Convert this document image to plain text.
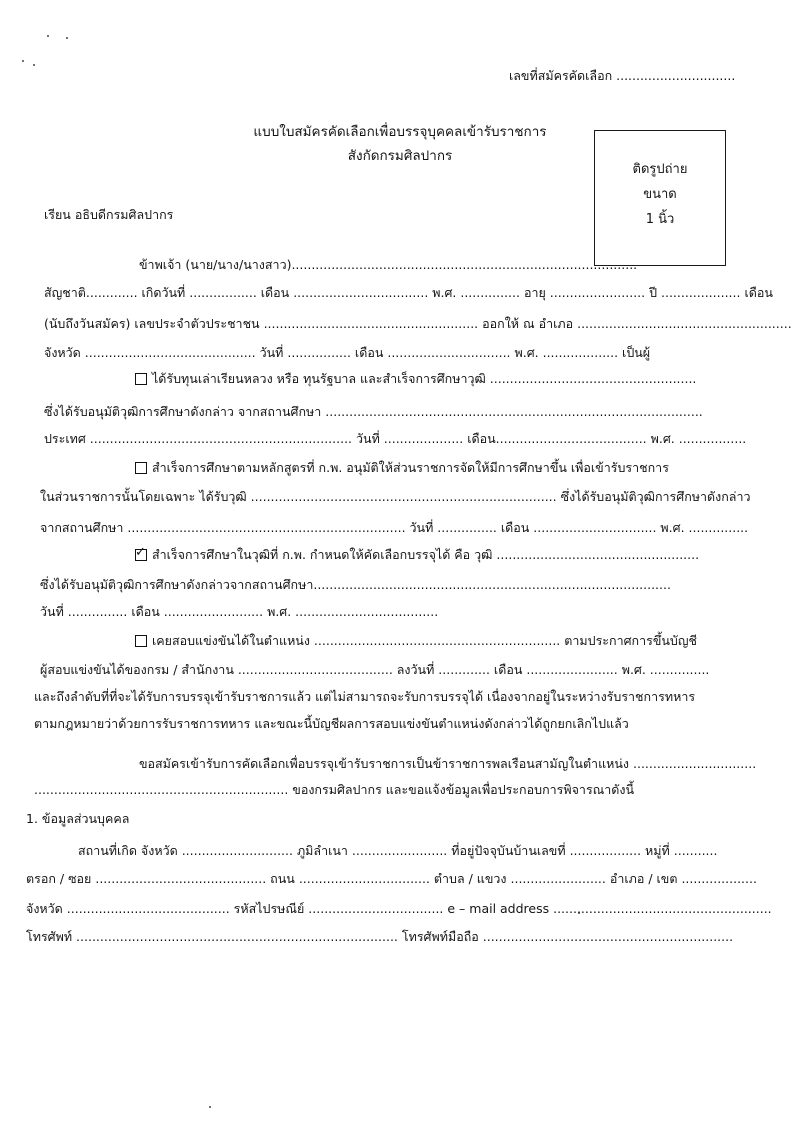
เลขที่สมัครคัดเลือก ..............................
แบบใบสมัครคัดเลือกเพื่อบรรจุบุคคลเข้ารับราชการ
สังกัดกรมศิลปากร
ติดรูปถ่าย
ขนาด
1 นิ้ว
เรียน อธิบดีกรมศิลปากร
ข้าพเจ้า (นาย/นาง/นางสาว).......................................................................................
สัญชาติ............. เกิดวันที่ ................. เดือน .................................. พ.ศ. ............... อายุ ........................ ปี .................... เดือน
(นับถึงวันสมัคร) เลขประจำตัวประชาชน ...................................................... ออกให้ ณ อำเภอ ......................................................
จังหวัด ........................................... วันที่ ................ เดือน ............................... พ.ศ. ................... เป็นผู้
ได้รับทุนเล่าเรียนหลวง หรือ ทุนรัฐบาล และสำเร็จการศึกษาวุฒิ ....................................................
ซึ่งได้รับอนุมัติวุฒิการศึกษาดังกล่าว จากสถานศึกษา ...............................................................................................
ประเทศ .................................................................. วันที่ .................... เดือน...................................... พ.ศ. .................
สำเร็จการศึกษาตามหลักสูตรที่ ก.พ. อนุมัติให้ส่วนราชการจัดให้มีการศึกษาขึ้น เพื่อเข้ารับราชการ
ในส่วนราชการนั้นโดยเฉพาะ ได้รับวุฒิ ............................................................................. ซึ่งได้รับอนุมัติวุฒิการศึกษาดังกล่าว
จากสถานศึกษา ...................................................................... วันที่ ............... เดือน ............................... พ.ศ. ...............
✓ สำเร็จการศึกษาในวุฒิที่ ก.พ. กำหนดให้คัดเลือกบรรจุได้ คือ วุฒิ ...................................................
ซึ่งได้รับอนุมัติวุฒิการศึกษาดังกล่าวจากสถานศึกษา..........................................................................................
วันที่ ............... เดือน ......................... พ.ศ. ....................................
เคยสอบแข่งขันได้ในตำแหน่ง .............................................................. ตามประกาศการขึ้นบัญชี
ผู้สอบแข่งขันได้ของกรม / สำนักงาน ....................................... ลงวันที่ ............. เดือน ....................... พ.ศ. ...............
และถึงลำดับที่ที่จะได้รับการบรรจุเข้ารับราชการแล้ว แต่ไม่สามารถจะรับการบรรจุได้ เนื่องจากอยู่ในระหว่างรับราชการทหาร
ตามกฎหมายว่าด้วยการรับราชการทหาร และขณะนี้บัญชีผลการสอบแข่งขันตำแหน่งดังกล่าวได้ถูกยกเลิกไปแล้ว
ขอสมัครเข้ารับการคัดเลือกเพื่อบรรจุเข้ารับราชการเป็นข้าราชการพลเรือนสามัญในตำแหน่ง ...............................
................................................................ ของกรมศิลปากร และขอแจ้งข้อมูลเพื่อประกอบการพิจารณาดังนี้
1. ข้อมูลส่วนบุคคล
สถานที่เกิด จังหวัด ............................ ภูมิลำเนา ........................ ที่อยู่ปัจจุบันบ้านเลขที่ .................. หมู่ที่ ...........
ตรอก / ซอย ........................................... ถนน ................................. ตำบล / แขวง ........................ อำเภอ / เขต ...................
จังหวัด ......................................... รหัสไปรษณีย์ .................................. e – mail address .......................................................
โทรศัพท์ ................................................................................. โทรศัพท์มือถือ ...............................................................
